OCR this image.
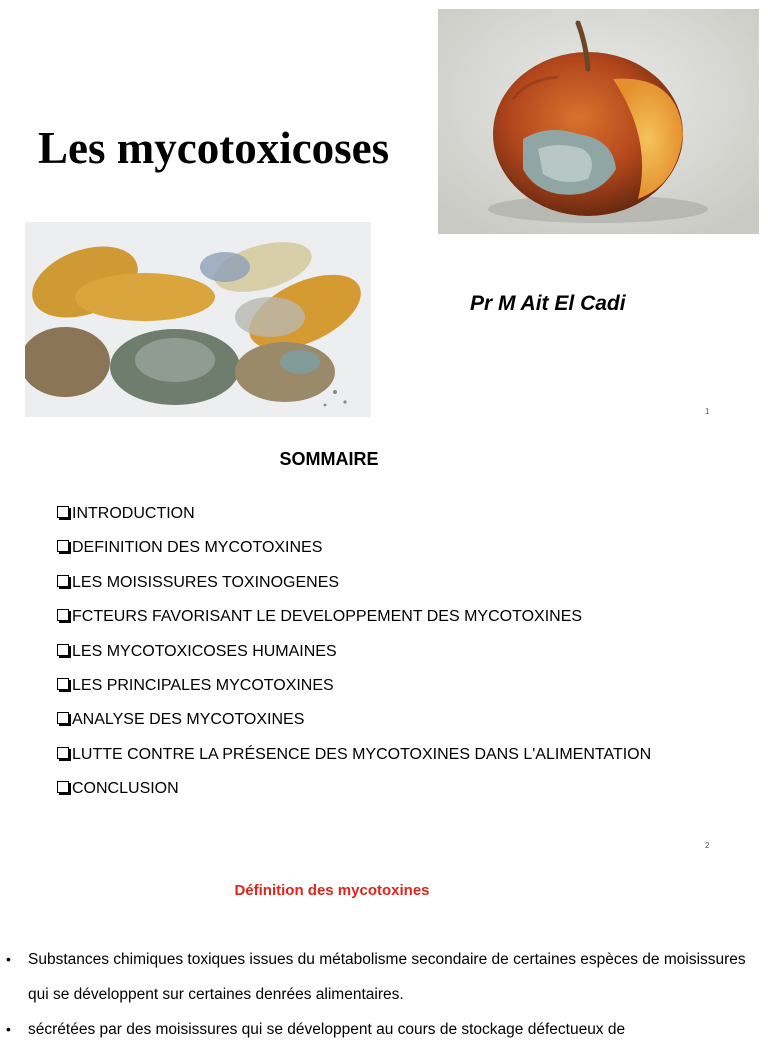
Les mycotoxicoses
Pr M Ait El Cadi
1
SOMMAIRE
INTRODUCTION
DEFINITION DES MYCOTOXINES
LES MOISISSURES TOXINOGENES
FCTEURS FAVORISANT LE DEVELOPPEMENT DES MYCOTOXINES
LES MYCOTOXICOSES HUMAINES
LES PRINCIPALES MYCOTOXINES
ANALYSE DES MYCOTOXINES
LUTTE CONTRE LA PRÉSENCE DES MYCOTOXINES DANS L'ALIMENTATION
CONCLUSION
2
Définition des mycotoxines
• Substances chimiques toxiques issues du métabolisme secondaire de certaines espèces de moisissures qui se développent sur certaines denrées alimentaires.
• sécrétées par des moisissures qui se développent au cours de stockage défectueux de
